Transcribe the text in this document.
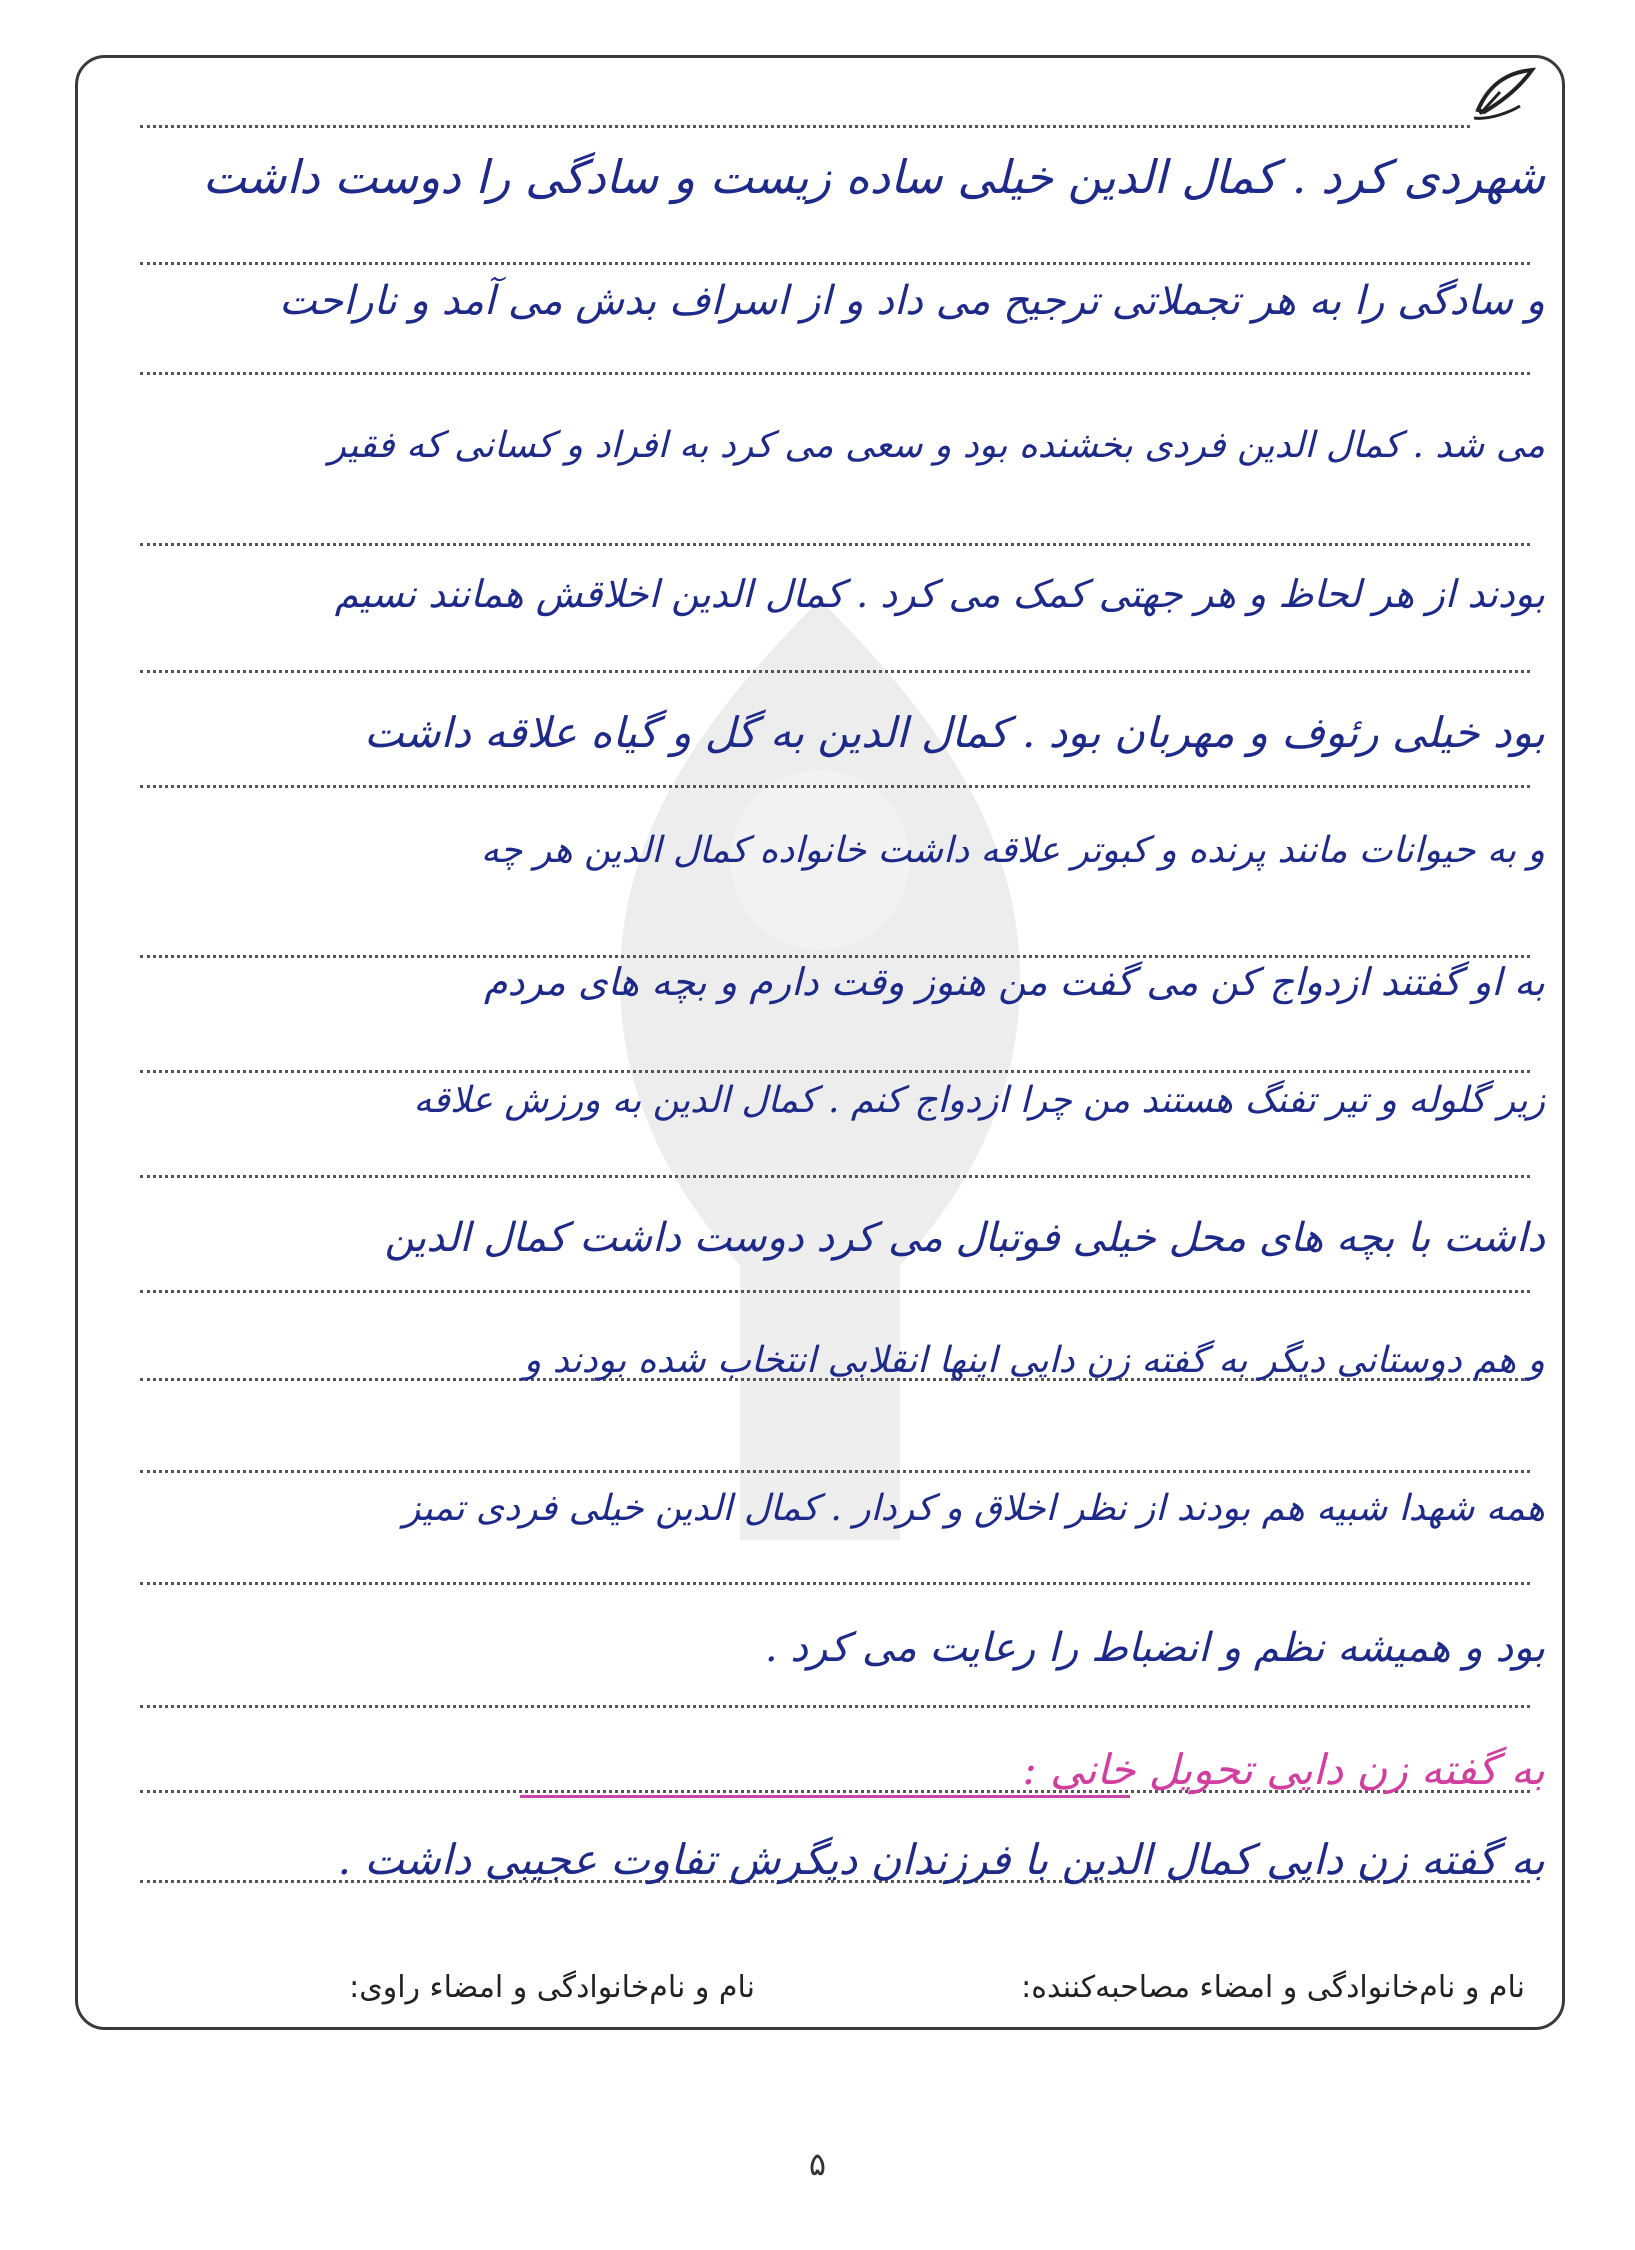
شهردی کرد . کمال الدین خیلی ساده زیست و سادگی را دوست داشت
و سادگی را به هر تجملاتی ترجیح می داد و از اسراف بدش می آمد و ناراحت
می شد . کمال الدین فردی بخشنده بود و سعی می کرد به افراد و کسانی که فقیر
بودند از هر لحاظ و هر جهتی کمک می کرد . کمال الدین اخلاقش همانند نسیم
بود خیلی رئوف و مهربان بود . کمال الدین به گل و گیاه علاقه داشت
و به حیوانات مانند پرنده و کبوتر علاقه داشت خانواده کمال الدین هر چه
به او گفتند ازدواج کن می گفت من هنوز وقت دارم و بچه های مردم
زیر گلوله و تیر تفنگ هستند من چرا ازدواج کنم . کمال الدین به ورزش علاقه
داشت با بچه های محل خیلی فوتبال می کرد دوست داشت کمال الدین
و هم دوستانی دیگر به گفته زن دایی اینها انقلابی انتخاب شده بودند و
همه شهدا شبیه هم بودند از نظر اخلاق و کردار . کمال الدین خیلی فردی تمیز
بود و همیشه نظم و انضباط را رعایت می کرد .
به گفته زن دایی تحویل خانی :
به گفته زن دایی کمال الدین با فرزندان دیگرش تفاوت عجیبی داشت .
نام و نام‌خانوادگی و امضاء مصاحبه‌کننده:
نام و نام‌خانوادگی و امضاء راوی:
۵
